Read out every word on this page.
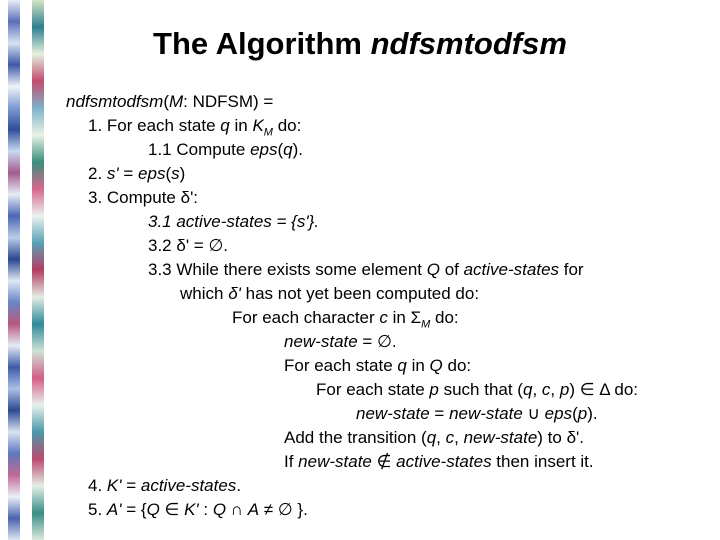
The Algorithm ndfsmtodfsm

ndfsmtodfsm(M: NDFSM) =

1. For each state q in $K_M$ do:

1.1 Compute eps(q).

2. s' = eps(s)

3. Compute δ':

3.1 active-states = {s'}.

3.2 δ' = ∅.

3.3 While there exists some element Q of active-states for

which δ' has not yet been computed do:

For each character c in $\Sigma_M$ do:

new-state = ∅.

For each state q in Q do:

For each state p such that (q, c, p) ∈ Δ do:

new-state = new-state ∪ eps(p).

Add the transition (q, c, new-state) to δ'.

If new-state ∉ active-states then insert it.

4. K' = active-states.

5. A' = {Q ∈ K' : Q ∩ A ≠ ∅ }.
